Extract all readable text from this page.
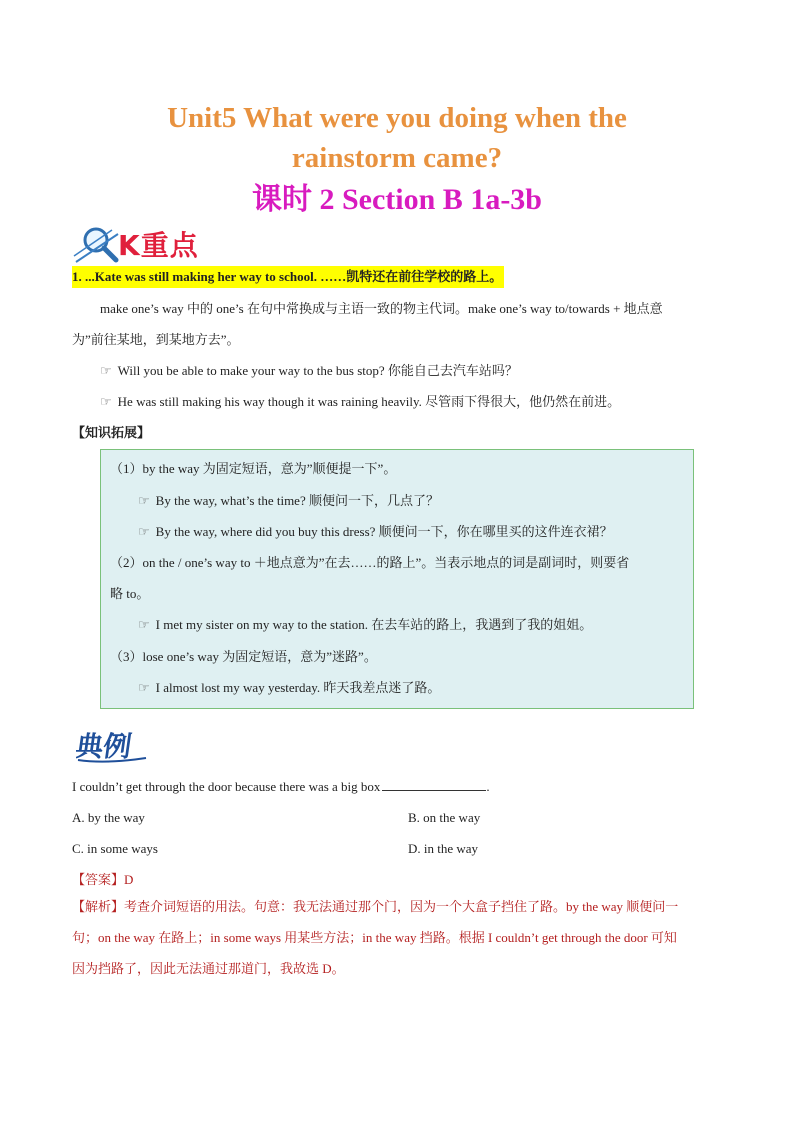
Unit5 What were you doing when the
rainstorm came?
课时 2 Section B 1a-3b
K重点
1. ...Kate was still making her way to school. ……凯特还在前往学校的路上。
make one’s way 中的 one’s 在句中常换成与主语一致的物主代词。make one’s way to/towards + 地点意
为”前往某地，到某地方去”。
☞ Will you be able to make your way to the bus stop? 你能自己去汽车站吗？
☞ He was still making his way though it was raining heavily. 尽管雨下得很大，他仍然在前进。
【知识拓展】
（1）by the way 为固定短语，意为”顺便提一下”。
☞ By the way, what’s the time? 顺便问一下，几点了？
☞ By the way, where did you buy this dress? 顺便问一下，你在哪里买的这件连衣裙？
（2）on the / one’s way to ＋地点意为”在去……的路上”。当表示地点的词是副词时，则要省
略 to。
☞ I met my sister on my way to the station. 在去车站的路上，我遇到了我的姐姐。
（3）lose one’s way 为固定短语，意为”迷路”。
☞ I almost lost my way yesterday. 昨天我差点迷了路。
典例
I couldn’t get through the door because there was a big box	.
A. by the way	B. on the way
C. in some ways	D. in the way
【答案】D
【解析】考查介词短语的用法。句意：我无法通过那个门，因为一个大盒子挡住了路。by the way 顺便问一
句；on the way 在路上；in some ways 用某些方法；in the way 挡路。根据 I couldn’t get through the door 可知
因为挡路了，因此无法通过那道门，我故选 D。
